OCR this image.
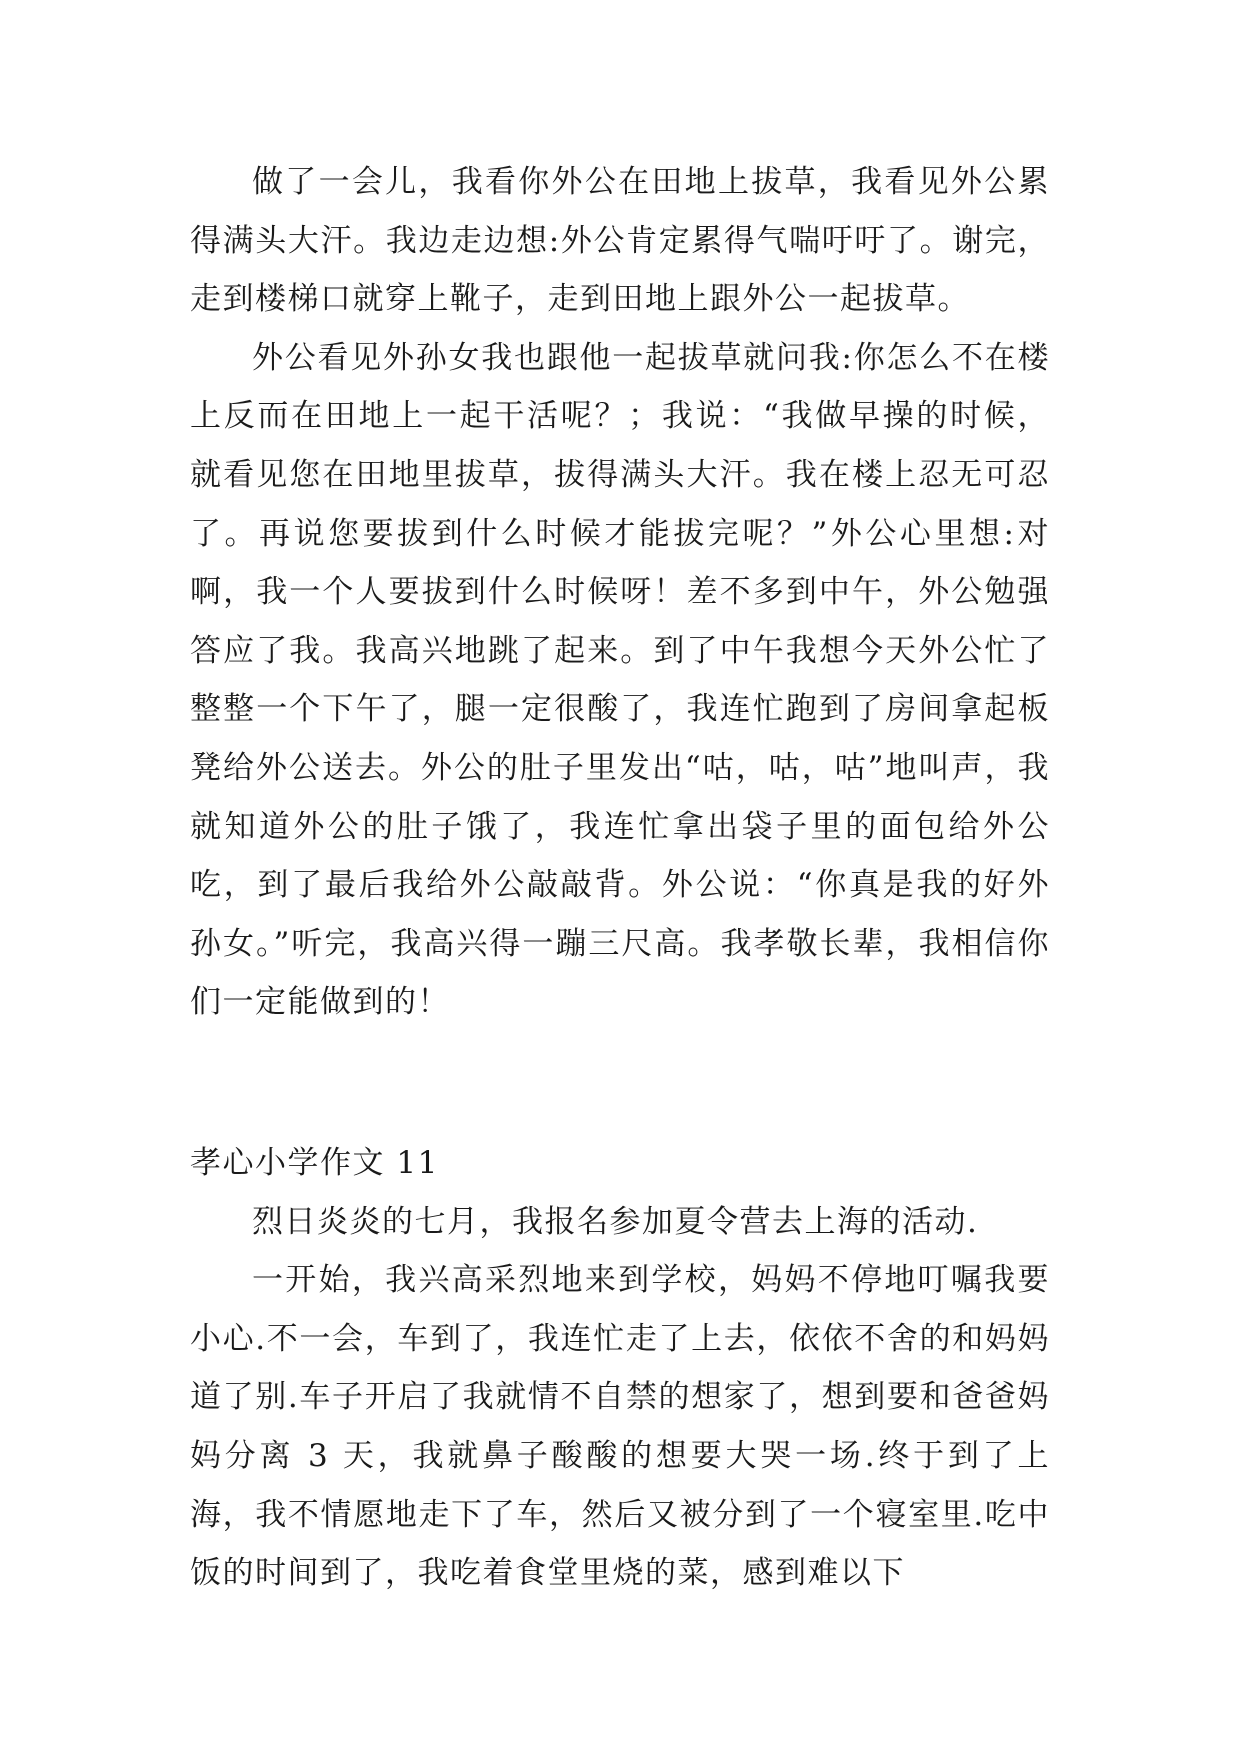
做了一会儿，我看你外公在田地上拔草，我看见外公累得满头大汗。我边走边想:外公肯定累得气喘吁吁了。谢完，走到楼梯口就穿上靴子，走到田地上跟外公一起拔草。

外公看见外孙女我也跟他一起拔草就问我:你怎么不在楼上反而在田地上一起干活呢？；我说：“我做早操的时候，就看见您在田地里拔草，拔得满头大汗。我在楼上忍无可忍了。再说您要拔到什么时候才能拔完呢？”外公心里想:对啊，我一个人要拔到什么时候呀！差不多到中午，外公勉强答应了我。我高兴地跳了起来。到了中午我想今天外公忙了整整一个下午了，腿一定很酸了，我连忙跑到了房间拿起板凳给外公送去。外公的肚子里发出“咕，咕，咕”地叫声，我就知道外公的肚子饿了，我连忙拿出袋子里的面包给外公吃，到了最后我给外公敲敲背。外公说：“你真是我的好外孙女。”听完，我高兴得一蹦三尺高。我孝敬长辈，我相信你们一定能做到的！

孝心小学作文 11

烈日炎炎的七月，我报名参加夏令营去上海的活动.

一开始，我兴高采烈地来到学校，妈妈不停地叮嘱我要小心.不一会，车到了，我连忙走了上去，依依不舍的和妈妈道了别.车子开启了我就情不自禁的想家了，想到要和爸爸妈妈分离 3 天，我就鼻子酸酸的想要大哭一场.终于到了上海，我不情愿地走下了车，然后又被分到了一个寝室里.吃中饭的时间到了，我吃着食堂里烧的菜，感到难以下
